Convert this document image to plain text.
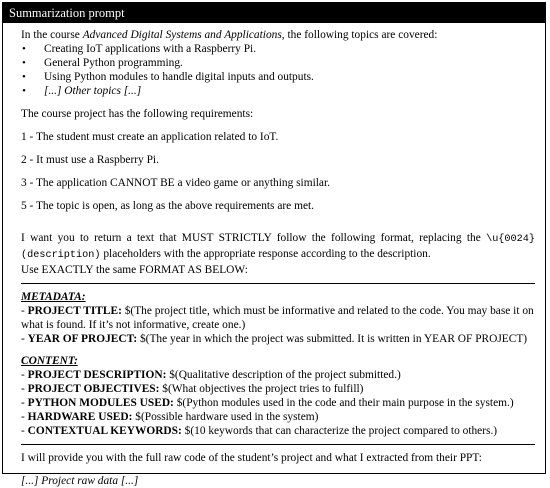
Summarization prompt

In the course Advanced Digital Systems and Applications, the following topics are covered:

• Creating IoT applications with a Raspberry Pi.
• General Python programming.
• Using Python modules to handle digital inputs and outputs.
• [...] Other topics [...]

The course project has the following requirements:

1 - The student must create an application related to IoT.

2 - It must use a Raspberry Pi.

3 - The application CANNOT BE a video game or anything similar.

5 - The topic is open, as long as the above requirements are met.

I want you to return a text that MUST STRICTLY follow the following format, replacing the \u{0024}(description) placeholders with the appropriate response according to the description.

Use EXACTLY the same FORMAT AS BELOW:

METADATA:

- PROJECT TITLE: $(The project title, which must be informative and related to the code. You may base it on what is found. If it’s not informative, create one.)

- YEAR OF PROJECT: $(The year in which the project was submitted. It is written in YEAR OF PROJECT)

CONTENT:

- PROJECT DESCRIPTION: $(Qualitative description of the project submitted.)

- PROJECT OBJECTIVES: $(What objectives the project tries to fulfill)

- PYTHON MODULES USED: $(Python modules used in the code and their main purpose in the system.)

- HARDWARE USED: $(Possible hardware used in the system)

- CONTEXTUAL KEYWORDS: $(10 keywords that can characterize the project compared to others.)

I will provide you with the full raw code of the student’s project and what I extracted from their PPT:

[...] Project raw data [...]
